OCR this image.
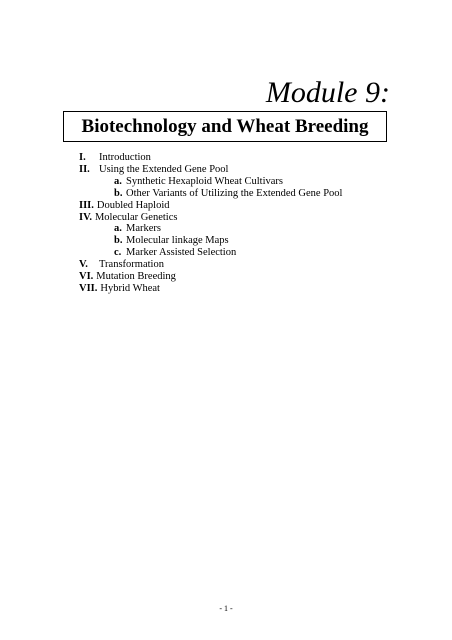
Module 9:
Biotechnology and Wheat Breeding
I.	Introduction
II. Using the Extended Gene Pool
a. Synthetic Hexaploid Wheat Cultivars
b. Other Variants of Utilizing the Extended Gene Pool
III. Doubled Haploid
IV. Molecular Genetics
a. Markers
b. Molecular linkage Maps
c. Marker Assisted Selection
V.	Transformation
VI. Mutation Breeding
VII. Hybrid Wheat
- 1 -
